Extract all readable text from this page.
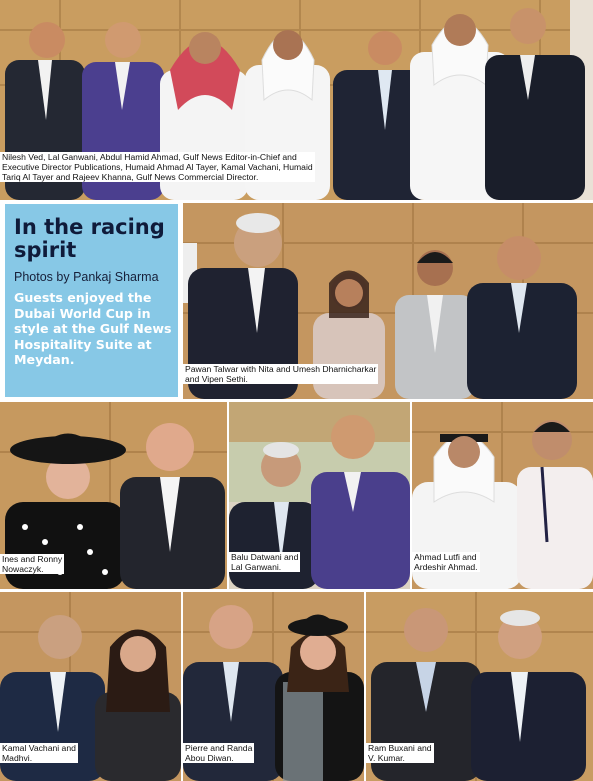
Nilesh Ved, Lal Ganwani, Abdul Hamid Ahmad, Gulf News Editor-in-Chief and
Executive Director Publications, Humaid Ahmad Al Tayer, Kamal Vachani, Humaid
Tariq Al Tayer and Rajeev Khanna, Gulf News Commercial Director.
In the racing spirit
Photos by Pankaj Sharma
Guests enjoyed the Dubai World Cup in style at the Gulf News Hospitality Suite at Meydan.
Pawan Talwar with Nita and Umesh Dharnicharkar
and Vipen Sethi.
Ines and Ronny
Nowaczyk.
Balu Datwani and
Lal Ganwani.
Ahmad Lutfi and
Ardeshir Ahmad.
Kamal Vachani and
Madhvi.
Pierre and Randa
Abou Diwan.
Ram Buxani and
V. Kumar.
